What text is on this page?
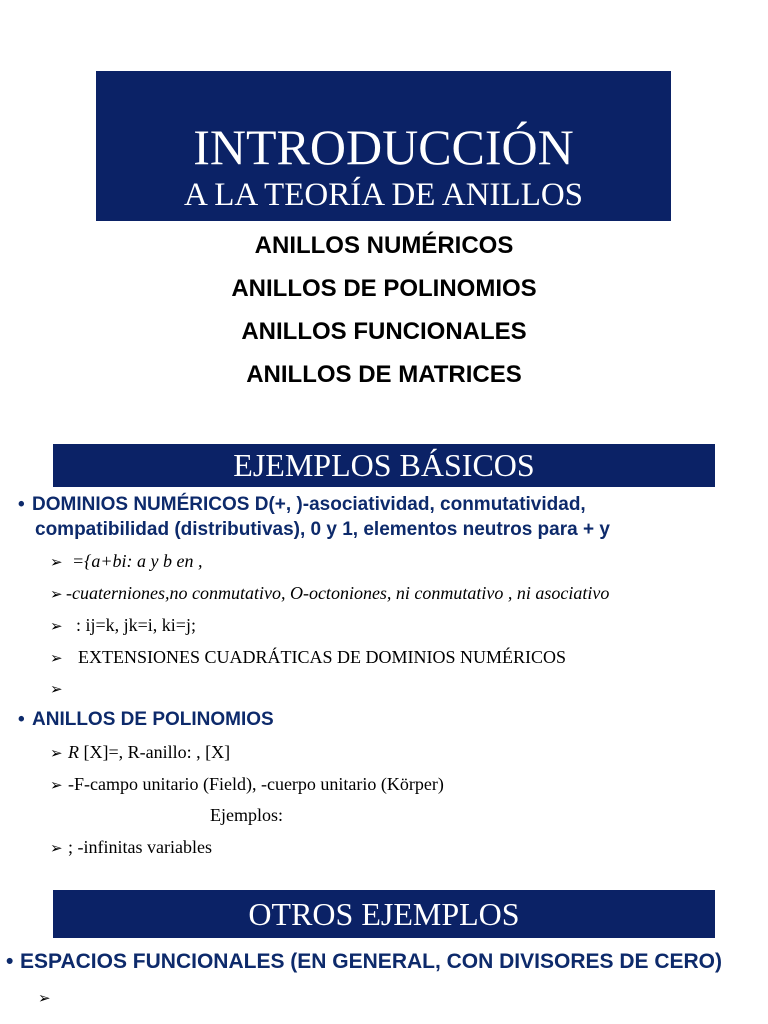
INTRODUCCIÓN
A LA TEORÍA DE ANILLOS
ANILLOS NUMÉRICOS
ANILLOS DE POLINOMIOS
ANILLOS FUNCIONALES
ANILLOS DE MATRICES
EJEMPLOS BÁSICOS
• DOMINIOS NUMÉRICOS D(+, )-asociatividad, conmutatividad,
compatibilidad (distributivas), 0 y 1, elementos neutros para + y
➢ ={a+bi: a y b en ,
➢ -cuaterniones,no conmutativo, O-octoniones, ni conmutativo , ni asociativo
➢ : ij=k, jk=i, ki=j;
➢ EXTENSIONES CUADRÁTICAS DE DOMINIOS NUMÉRICOS
➢
• ANILLOS DE POLINOMIOS
➢ R [X]=, R-anillo: , [X]
➢ -F-campo unitario (Field), -cuerpo unitario (Körper)
Ejemplos:
➢ ; -infinitas variables
OTROS EJEMPLOS
• ESPACIOS FUNCIONALES (EN GENERAL, CON DIVISORES DE CERO)
➢
